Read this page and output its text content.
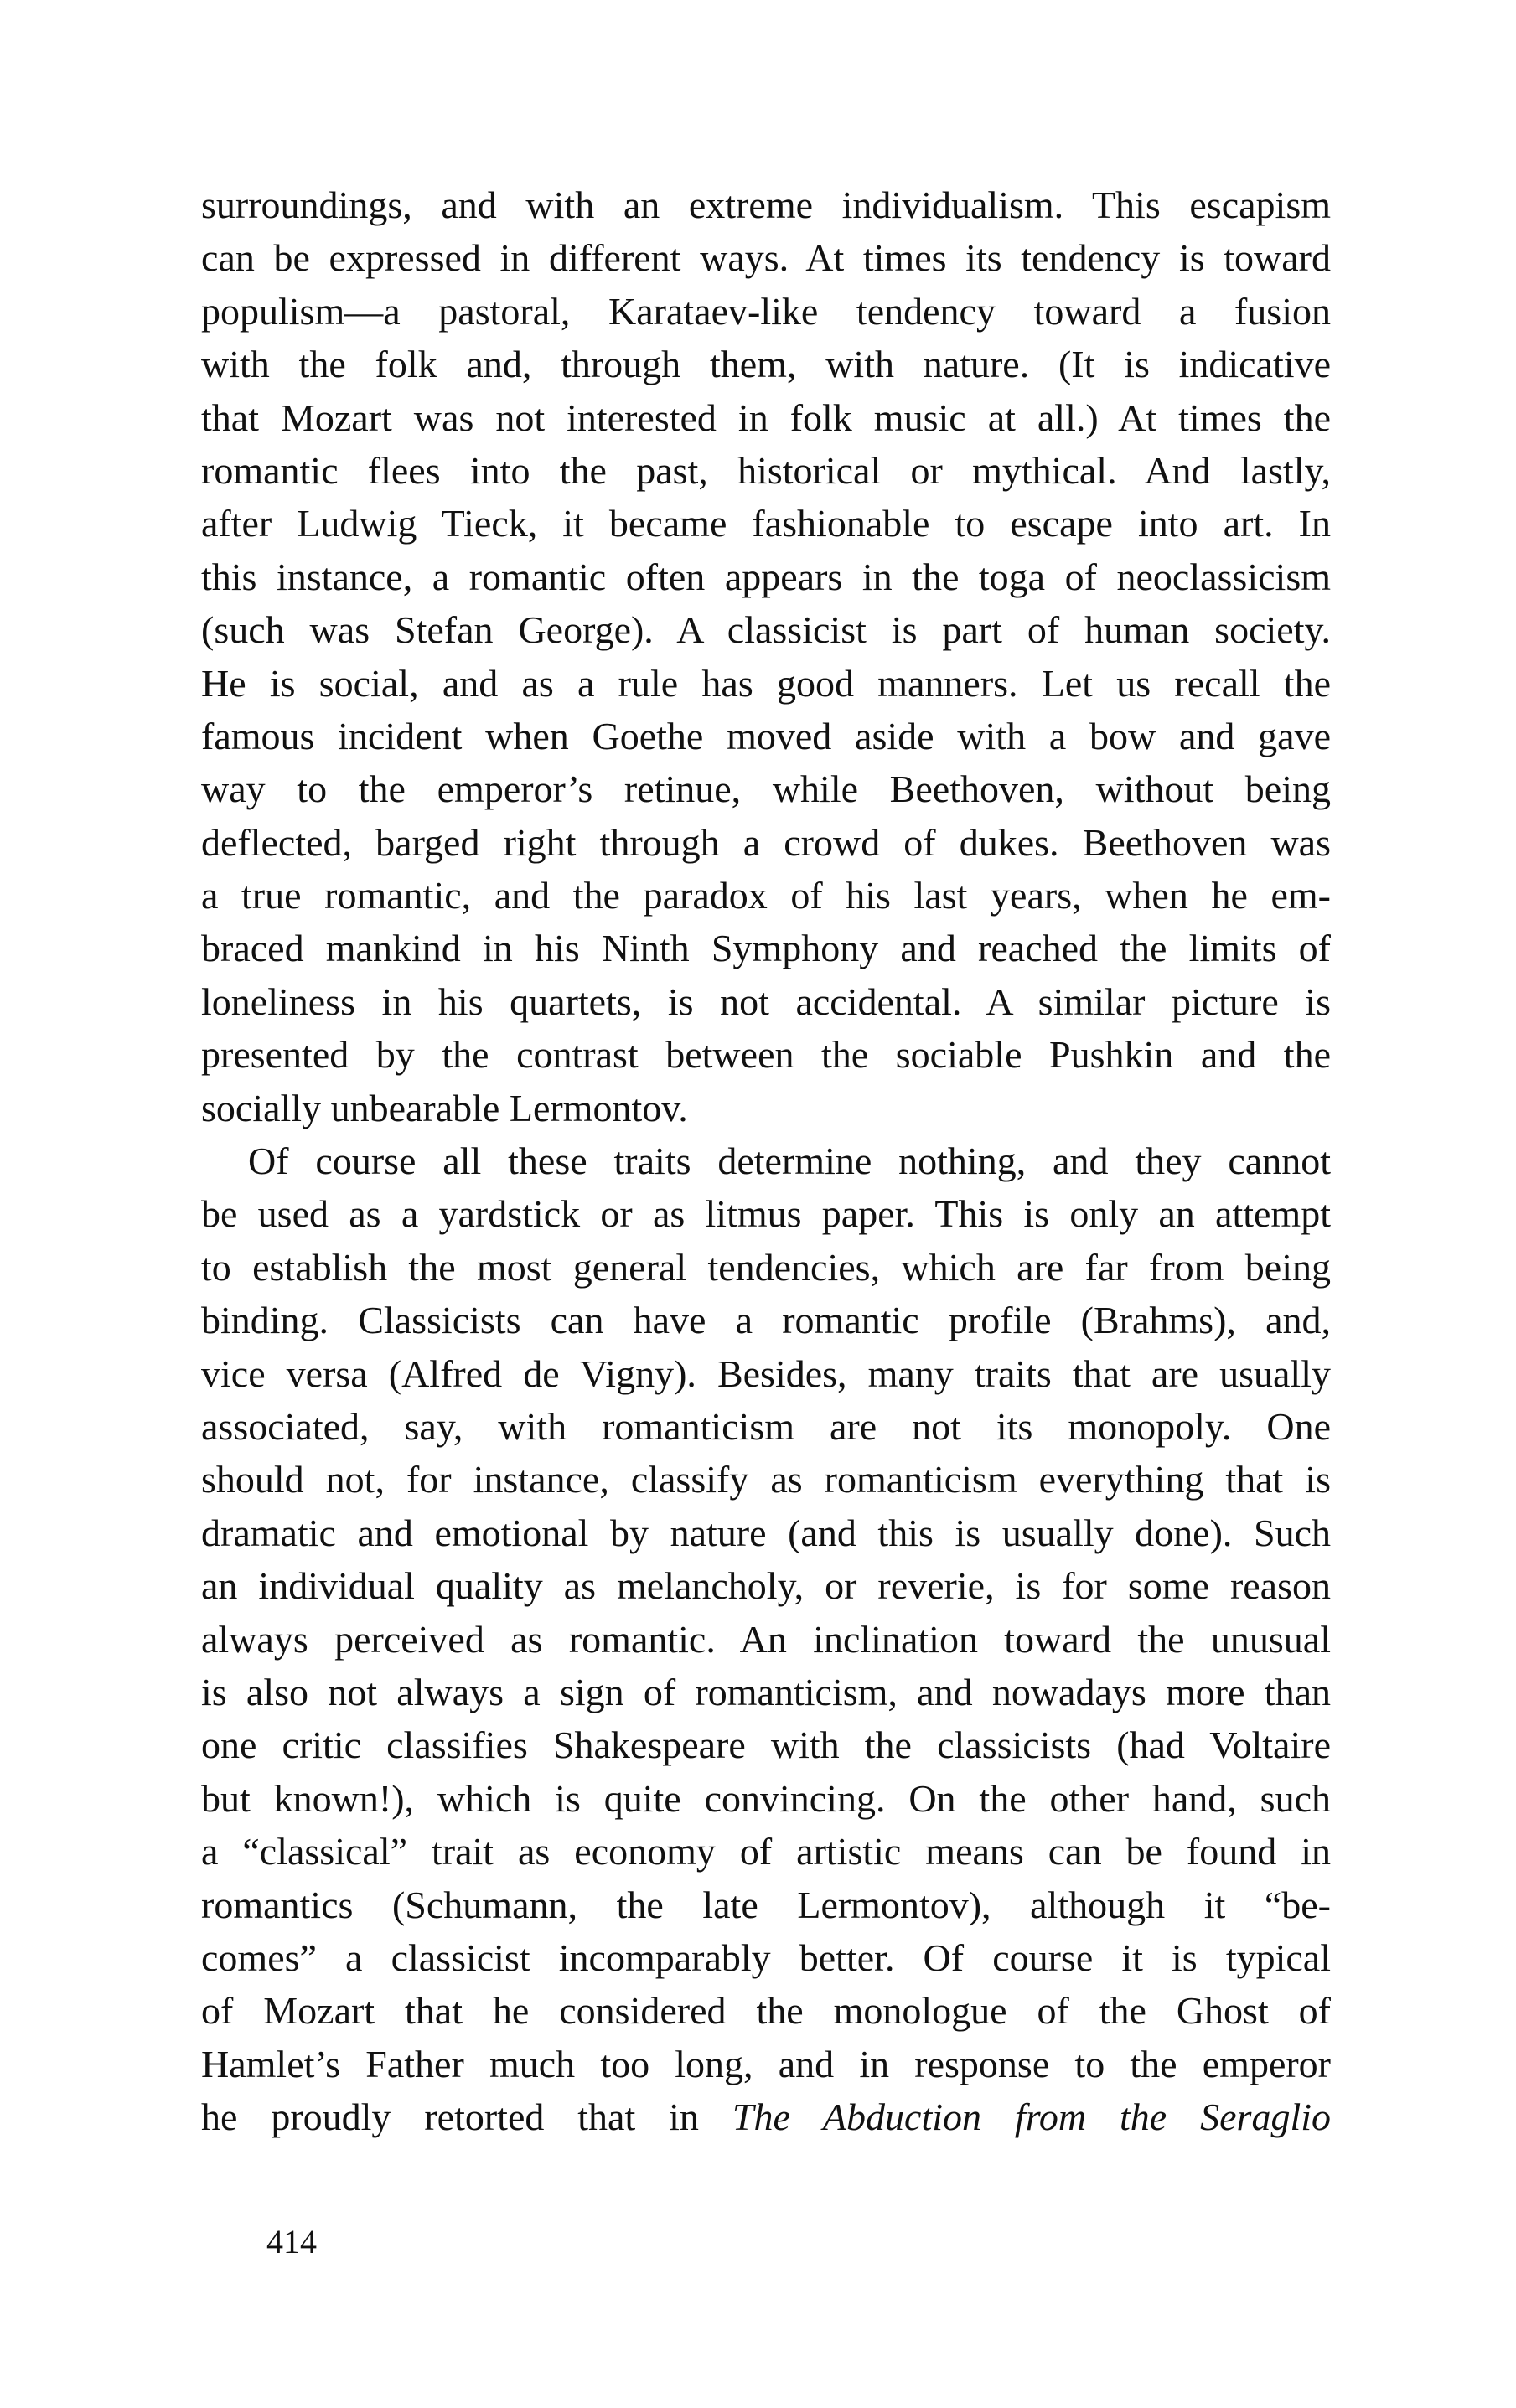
surroundings, and with an extreme individualism. This escapism
can be expressed in different ways. At times its tendency is toward
populism—a pastoral, Karataev-like tendency toward a fusion
with the folk and, through them, with nature. (It is indicative
that Mozart was not interested in folk music at all.) At times the
romantic flees into the past, historical or mythical. And lastly,
after Ludwig Tieck, it became fashionable to escape into art. In
this instance, a romantic often appears in the toga of neoclassicism
(such was Stefan George). A classicist is part of human society.
He is social, and as a rule has good manners. Let us recall the
famous incident when Goethe moved aside with a bow and gave
way to the emperor’s retinue, while Beethoven, without being
deflected, barged right through a crowd of dukes. Beethoven was
a true romantic, and the paradox of his last years, when he em-
braced mankind in his Ninth Symphony and reached the limits of
loneliness in his quartets, is not accidental. A similar picture is
presented by the contrast between the sociable Pushkin and the
socially unbearable Lermontov.
Of course all these traits determine nothing, and they cannot
be used as a yardstick or as litmus paper. This is only an attempt
to establish the most general tendencies, which are far from being
binding. Classicists can have a romantic profile (Brahms), and,
vice versa (Alfred de Vigny). Besides, many traits that are usually
associated, say, with romanticism are not its monopoly. One
should not, for instance, classify as romanticism everything that is
dramatic and emotional by nature (and this is usually done). Such
an individual quality as melancholy, or reverie, is for some reason
always perceived as romantic. An inclination toward the unusual
is also not always a sign of romanticism, and nowadays more than
one critic classifies Shakespeare with the classicists (had Voltaire
but known!), which is quite convincing. On the other hand, such
a “classical” trait as economy of artistic means can be found in
romantics (Schumann, the late Lermontov), although it “be-
comes” a classicist incomparably better. Of course it is typical
of Mozart that he considered the monologue of the Ghost of
Hamlet’s Father much too long, and in response to the emperor
he proudly retorted that in The Abduction from the Seraglio
414
